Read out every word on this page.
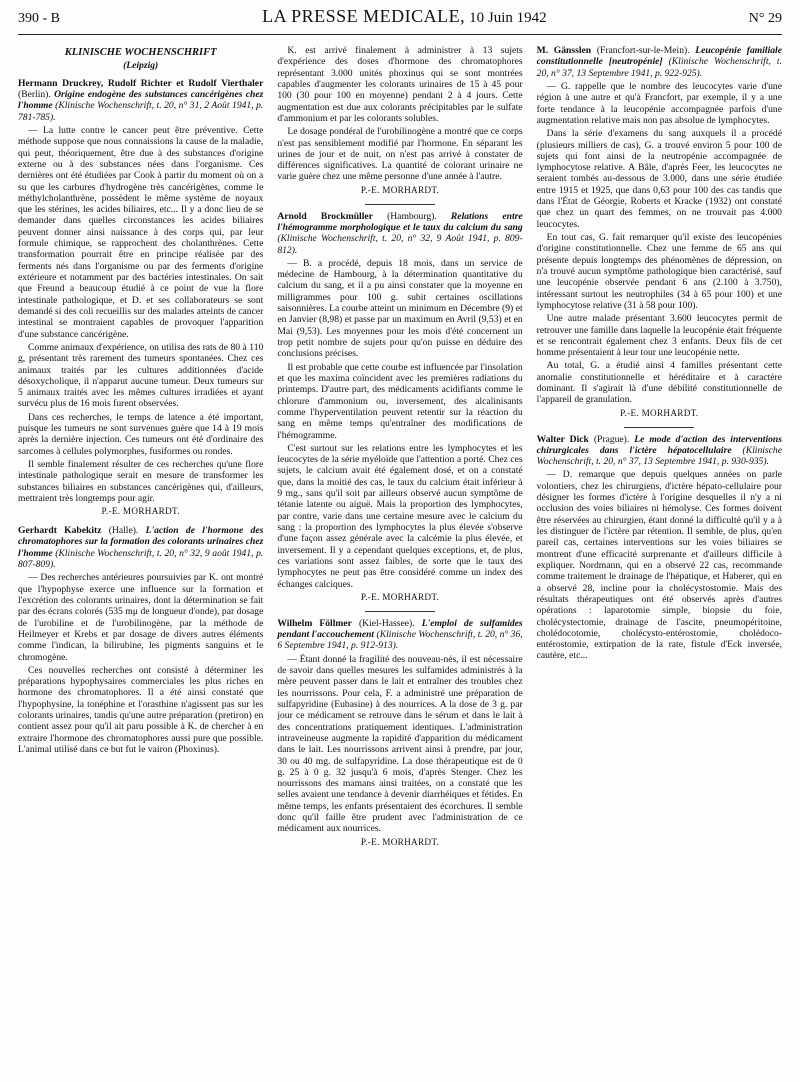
390 - B	LA PRESSE MEDICALE, 10 Juin 1942	N° 29
KLINISCHE WOCHENSCHRIFT
(Leipzig)

Hermann Druckrey, Rudolf Richter et Rudolf Vierthaler (Berlin). Origine endogène des substances cancérigènes chez l'homme (Klinische Wochenschrift, t. 20, n° 31, 2 Août 1941, p. 781-785).

— La lutte contre le cancer peut être préventive. Cette méthode suppose que nous connaissions la cause de la maladie, qui peut, théoriquement, être due à des substances d'origine externe ou à des substances nées dans l'organisme. Ces dernières ont été étudiées par Cook à partir du moment où on a su que les carbures d'hydrogène très cancérigènes, comme le méthylcholanthrène, possèdent le même système de noyaux que les stérines, les acides biliaires, etc... Il y a donc lieu de se demander dans quelles circonstances les acides biliaires peuvent donner ainsi naissance à des corps qui, par leur formule chimique, se rapprochent des cholanthrènes. Cette transformation pourrait être en principe réalisée par des ferments nés dans l'organisme ou par des ferments d'origine extérieure et notamment par des bactéries intestinales. On sait que Freund a beaucoup étudié à ce point de vue la flore intestinale pathologique, et D. et ses collaborateurs se sont demandé si des coli recueillis sur des malades atteints de cancer intestinal se montraient capables de provoquer l'apparition d'une substance cancérigène.

Comme animaux d'expérience, on utilisa des rats de 80 à 110 g, présentant très rarement des tumeurs spontanées. Chez ces animaux traités par les cultures additionnées d'acide désoxycholique, il n'apparut aucune tumeur. Deux tumeurs sur 5 animaux traités avec les mêmes cultures irradiées et ayant survécu plus de 16 mois furent observées.

Dans ces recherches, le temps de latence a été important, puisque les tumeurs ne sont survenues guère que 14 à 19 mois après la dernière injection. Ces tumeurs ont été d'ordinaire des sarcomes à cellules polymorphes, fusiformes ou rondes.

Il semble finalement résulter de ces recherches qu'une flore intestinale pathologique serait en mesure de transformer les substances biliaires en substances cancérigènes qui, d'ailleurs, mettraient très longtemps pour agir.

P.-E. MORHARDT.

Gerhardt Kabekitz (Halle). L'action de l'hormone des chromatophores sur la formation des colorants urinaires chez l'homme (Klinische Wochenschrift, t. 20, n° 32, 9 août 1941, p. 807-809).

— Des recherches antérieures poursuivies par K. ont montré que l'hypophyse exerce une influence sur la formation et l'excrétion des colorants urinaires, dont la détermination se fait par des écrans colorés (535 mμ de longueur d'onde), par dosage de l'urobiline et de l'urobilinogène, par la méthode de Heilmeyer et Krebs et par dosage de divers autres éléments comme l'indican, la bilirubine, les pigments sanguins et le chromogène.

Ces nouvelles recherches ont consisté à déterminer les préparations hypophysaires commerciales les plus riches en hormone des chromatophores. Il a été ainsi constaté que l'hypophysine, la tonéphine et l'orasthine n'agissent pas sur les colorants urinaires, tandis qu'une autre préparation (pretiron) en contient assez pour qu'il ait paru possible à K. de chercher à en extraire l'hormone des chromatophores aussi pure que possible. L'animal utilisé dans ce but fut le vairon (Phoxinus).

K. est arrivé finalement à administrer à 13 sujets d'expérience des doses d'hormone des chromatophores représentant 3.000 unités phoxinus qui se sont montrées capables d'augmenter les colorants urinaires de 15 à 45 pour 100 (30 pour 100 en moyenne) pendant 2 à 4 jours. Cette augmentation est due aux colorants précipitables par le sulfate d'ammonium et par les colorants solubles.

Le dosage pondéral de l'urobilinogène a montré que ce corps n'est pas sensiblement modifié par l'hormone. En séparant les urines de jour et de nuit, on n'est pas arrivé à constater de différences significatives. La quantité de colorant urinaire ne varie guère chez une même personne d'une année à l'autre.

P.-E. MORHARDT.

Arnold Brockmüller (Hambourg). Relations entre l'hémogramme morphologique et le taux du calcium du sang (Klinische Wochenschrift, t. 20, n° 32, 9 Août 1941, p. 809-812).

— B. a procédé, depuis 18 mois, dans un service de médecine de Hambourg, à la détermination quantitative du calcium du sang, et il a pu ainsi constater que la moyenne en milligrammes pour 100 g. subit certaines oscillations saisonnières. La courbe atteint un minimum en Décembre (9) et en Janvier (8,98) et passe par un maximum en Avril (9,53) et en Mai (9,53). Les moyennes pour les mois d'été concernent un trop petit nombre de sujets pour qu'on puisse en déduire des conclusions précises.

Il est probable que cette courbe est influencée par l'insolation et que les maxima coïncident avec les premières radiations du printemps. D'autre part, des médicaments acidifiants comme le chlorure d'ammonium ou, inversement, des alcalinisants comme l'hyperventilation peuvent retentir sur la réaction du sang en même temps qu'entraîner des modifications de l'hémogramme.

C'est surtout sur les relations entre les lymphocytes et les leucocytes de la série myéloïde que l'attention a porté. Chez ces sujets, le calcium avait été également dosé, et on a constaté que, dans la moitié des cas, le taux du calcium était inférieur à 9 mg., sans qu'il soit par ailleurs observé aucun symptôme de tétanie latente ou aiguë. Mais la proportion des lymphocytes, par contre, varie dans une certaine mesure avec le calcium du sang : la proportion des lymphocytes la plus élevée s'observe d'une façon assez générale avec la calcémie la plus élevée, et inversement. Il y a cependant quelques exceptions, et, de plus, ces variations sont assez faibles, de sorte que le taux des lymphocytes ne peut pas être considéré comme un index des échanges calciques.

P.-E. MORHARDT.

Wilhelm Föllmer (Kiel-Hassee). L'emploi de sulfamides pendant l'accouchement (Klinische Wochenschrift, t. 20, n° 36, 6 Septembre 1941, p. 912-913).

— Étant donné la fragilité des nouveau-nés, il est nécessaire de savoir dans quelles mesures les sulfamides administrés à la mère peuvent passer dans le lait et entraîner des troubles chez les nourrissons. Pour cela, F. a administré une préparation de sulfapyridine (Eubasine) à des nourrices. A la dose de 3 g. par jour ce médicament se retrouve dans le sérum et dans le lait à des concentrations pratiquement identiques. L'administration intraveineuse augmente la rapidité d'apparition du médicament dans le lait. Les nourrissons arrivent ainsi à prendre, par jour, 30 ou 40 mg. de sulfapyridine. La dose thérapeutique est de 0 g. 25 à 0 g. 32 jusqu'à 6 mois, d'après Stenger. Chez les nourrissons des mamans ainsi traitées, on a constaté que les selles avaient une tendance à devenir diarrhéiques et fétides. En même temps, les enfants présentaient des écorchures. Il semble donc qu'il faille être prudent avec l'administration de ce médicament aux nourrices.

P.-E. MORHARDT.

M. Gänsslen (Francfort-sur-le-Mein). Leucopénie familiale constitutionnelle [neutropénie] (Klinische Wochenschrift, t. 20, n° 37, 13 Septembre 1941, p. 922-925).

— G. rappelle que le nombre des leucocytes varie d'une région à une autre et qu'à Francfort, par exemple, il y a une forte tendance à la leucopénie accompagnée parfois d'une augmentation relative mais non pas absolue de lymphocytes.

Dans la série d'examens du sang auxquels il a procédé (plusieurs milliers de cas), G. a trouvé environ 5 pour 100 de sujets qui font ainsi de la neutropénie accompagnée de lymphocytose relative. A Bâle, d'après Feer, les leucocytes ne seraient tombés au-dessous de 3.000, dans une série étudiée entre 1915 et 1925, que dans 0,63 pour 100 des cas tandis que dans l'État de Géorgie, Roberts et Kracke (1932) ont constaté que chez un quart des femmes, on ne trouvait pas 4.000 leucocytes.

En tout cas, G. fait remarquer qu'il existe des leucopénies d'origine constitutionnelle. Chez une femme de 65 ans qui présente depuis longtemps des phénomènes de dépression, on n'a trouvé aucun symptôme pathologique bien caractérisé, sauf une leucopénie observée pendant 6 ans (2.100 à 3.750), intéressant surtout les neutrophiles (34 à 65 pour 100) et une lymphocytose relative (31 à 58 pour 100).

Une autre malade présentant 3.600 leucocytes permit de retrouver une famille dans laquelle la leucopénie était fréquente et se rencontrait également chez 3 enfants. Deux fils de cet homme présentaient à leur tour une leucopénie nette.

Au total, G. a étudié ainsi 4 familles présentant cette anomalie constitutionnelle et héréditaire et à caractère dominant. Il s'agirait là d'une débilité constitutionnelle de l'appareil de granulation.

P.-E. MORHARDT.

Walter Dick (Prague). Le mode d'action des interventions chirurgicales dans l'ictère hépatocellulaire (Klinische Wochenschrift, t. 20, n° 37, 13 Septembre 1941, p. 930-935).

— D. remarque que depuis quelques années on parle volontiers, chez les chirurgiens, d'ictère hépato-cellulaire pour désigner les formes d'ictère à l'origine desquelles il n'y a ni occlusion des voies biliaires ni hémolyse. Ces formes doivent être réservées au chirurgien, étant donné la difficulté qu'il y a à les distinguer de l'ictère par rétention. Il semble, de plus, qu'en pareil cas, certaines interventions sur les voies biliaires se montrent d'une efficacité surprenante et d'ailleurs difficile à expliquer. Nordmann, qui en a observé 22 cas, recommande comme traitement le drainage de l'hépatique, et Haberer, qui en a observé 28, incline pour la cholécystostomie. Mais des résultats thérapeutiques ont été observés après d'autres opérations : laparotomie simple, biopsie du foie, cholécystectomie, drainage de l'ascite, pneumopéritoine, cholédocotomie, cholécysto-entérostomie, cholédoco-entérostomie, extirpation de la rate, fistule d'Eck inversée, cautère, etc...
